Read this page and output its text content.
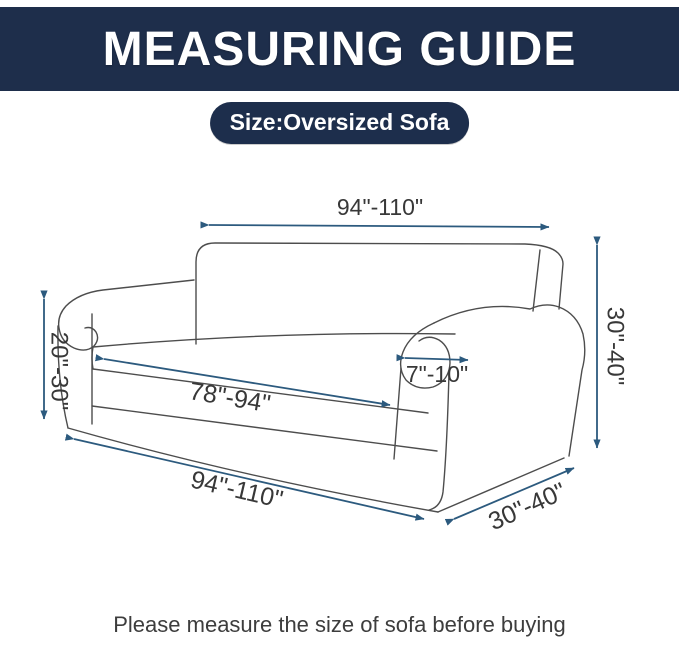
MEASURING GUIDE
Size:Oversized Sofa
94"-110"
20"-30"	30"-40"
78"-94"
7"-10"
94"-110"	30"-40"
Please measure the size of sofa before buying
